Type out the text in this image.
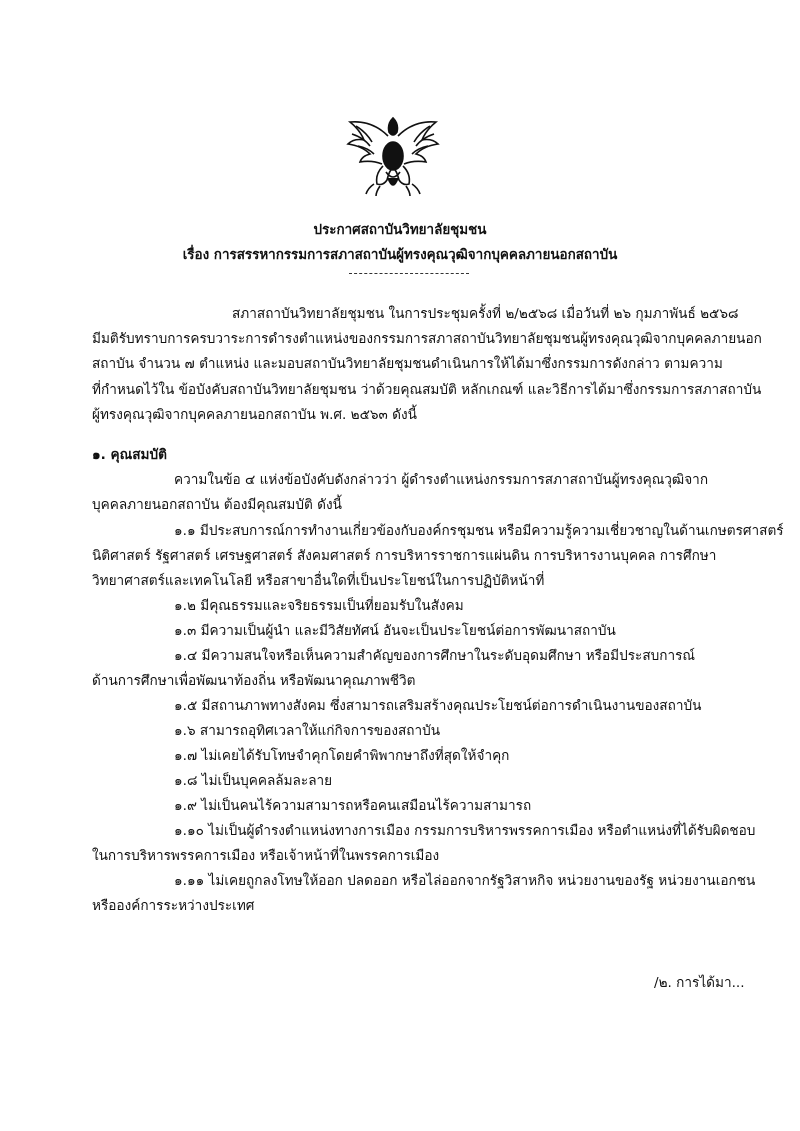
ประกาศสถาบันวิทยาลัยชุมชน
เรื่อง การสรรหากรรมการสภาสถาบันผู้ทรงคุณวุฒิจากบุคคลภายนอกสถาบัน
สภาสถาบันวิทยาลัยชุมชน ในการประชุมครั้งที่ ๒/๒๕๖๘ เมื่อวันที่ ๒๖ กุมภาพันธ์ ๒๕๖๘
มีมติรับทราบการครบวาระการดำรงตำแหน่งของกรรมการสภาสถาบันวิทยาลัยชุมชนผู้ทรงคุณวุฒิจากบุคคลภายนอก
สถาบัน จำนวน ๗ ตำแหน่ง และมอบสถาบันวิทยาลัยชุมชนดำเนินการให้ได้มาซึ่งกรรมการดังกล่าว ตามความ
ที่กำหนดไว้ใน ข้อบังคับสถาบันวิทยาลัยชุมชน ว่าด้วยคุณสมบัติ หลักเกณฑ์ และวิธีการได้มาซึ่งกรรมการสภาสถาบัน
ผู้ทรงคุณวุฒิจากบุคคลภายนอกสถาบัน พ.ศ. ๒๕๖๓ ดังนี้
๑. คุณสมบัติ
ความในข้อ ๔ แห่งข้อบังคับดังกล่าวว่า ผู้ดำรงตำแหน่งกรรมการสภาสถาบันผู้ทรงคุณวุฒิจาก
บุคคลภายนอกสถาบัน ต้องมีคุณสมบัติ ดังนี้
๑.๑ มีประสบการณ์การทำงานเกี่ยวข้องกับองค์กรชุมชน หรือมีความรู้ความเชี่ยวชาญในด้านเกษตรศาสตร์
นิติศาสตร์ รัฐศาสตร์ เศรษฐศาสตร์ สังคมศาสตร์ การบริหารราชการแผ่นดิน การบริหารงานบุคคล การศึกษา
วิทยาศาสตร์และเทคโนโลยี หรือสาขาอื่นใดที่เป็นประโยชน์ในการปฏิบัติหน้าที่
๑.๒ มีคุณธรรมและจริยธรรมเป็นที่ยอมรับในสังคม
๑.๓ มีความเป็นผู้นำ และมีวิสัยทัศน์ อันจะเป็นประโยชน์ต่อการพัฒนาสถาบัน
๑.๔ มีความสนใจหรือเห็นความสำคัญของการศึกษาในระดับอุดมศึกษา หรือมีประสบการณ์
ด้านการศึกษาเพื่อพัฒนาท้องถิ่น หรือพัฒนาคุณภาพชีวิต
๑.๕ มีสถานภาพทางสังคม ซึ่งสามารถเสริมสร้างคุณประโยชน์ต่อการดำเนินงานของสถาบัน
๑.๖ สามารถอุทิศเวลาให้แก่กิจการของสถาบัน
๑.๗ ไม่เคยได้รับโทษจำคุกโดยคำพิพากษาถึงที่สุดให้จำคุก
๑.๘ ไม่เป็นบุคคลล้มละลาย
๑.๙ ไม่เป็นคนไร้ความสามารถหรือคนเสมือนไร้ความสามารถ
๑.๑๐ ไม่เป็นผู้ดำรงตำแหน่งทางการเมือง กรรมการบริหารพรรคการเมือง หรือตำแหน่งที่ได้รับผิดชอบ
ในการบริหารพรรคการเมือง หรือเจ้าหน้าที่ในพรรคการเมือง
๑.๑๑ ไม่เคยถูกลงโทษให้ออก ปลดออก หรือไล่ออกจากรัฐวิสาหกิจ หน่วยงานของรัฐ หน่วยงานเอกชน
หรือองค์การระหว่างประเทศ
/๒. การได้มา...
